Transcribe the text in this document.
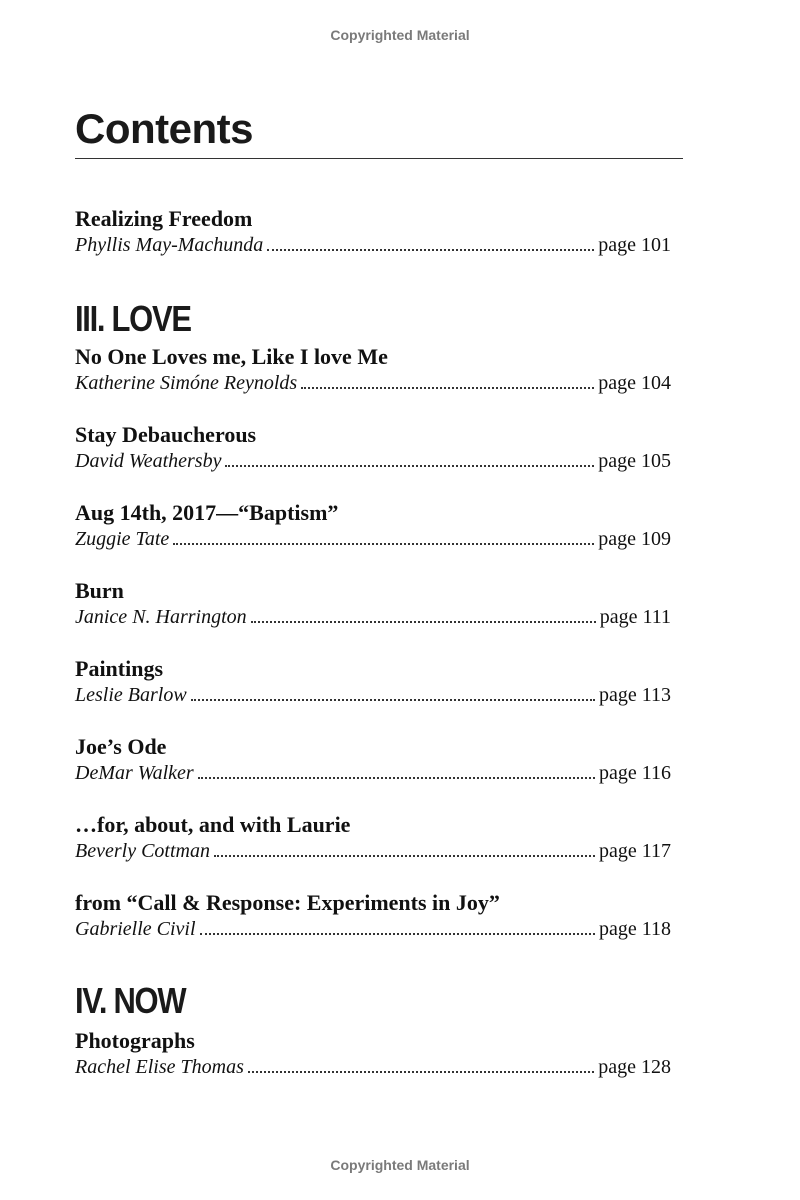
Copyrighted Material
Contents
Realizing Freedom
Phyllis May-Machunda	page 101
III. LOVE
No One Loves me, Like I love Me
Katherine Simóne Reynolds	page 104
Stay Debaucherous
David Weathersby	page 105
Aug 14th, 2017—“Baptism”
Zuggie Tate	page 109
Burn
Janice N. Harrington	page 111
Paintings
Leslie Barlow	page 113
Joe’s Ode
DeMar Walker	page 116
…for, about, and with Laurie
Beverly Cottman	page 117
from “Call & Response: Experiments in Joy”
Gabrielle Civil	page 118
IV. NOW
Photographs
Rachel Elise Thomas	page 128
Copyrighted Material
